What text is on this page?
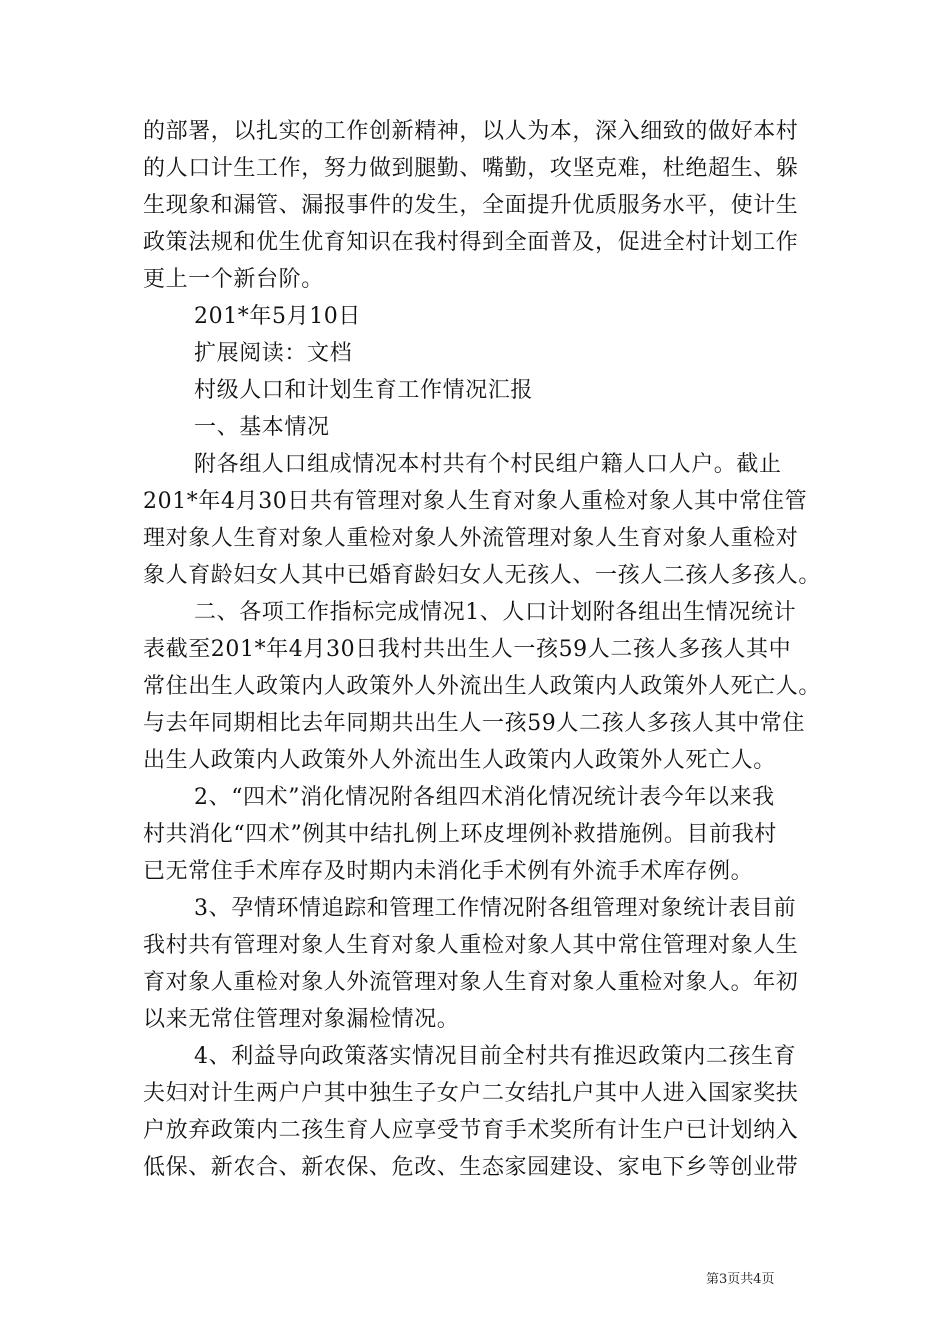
的部署，以扎实的工作创新精神，以人为本，深入细致的做好本村
的人口计生工作，努力做到腿勤、嘴勤，攻坚克难，杜绝超生、躲
生现象和漏管、漏报事件的发生，全面提升优质服务水平，使计生
政策法规和优生优育知识在我村得到全面普及，促进全村计划工作
更上一个新台阶。
201*年5月10日
扩展阅读：文档
村级人口和计划生育工作情况汇报
一、基本情况
附各组人口组成情况本村共有个村民组户籍人口人户。截止
201*年4月30日共有管理对象人生育对象人重检对象人其中常住管
理对象人生育对象人重检对象人外流管理对象人生育对象人重检对
象人育龄妇女人其中已婚育龄妇女人无孩人、一孩人二孩人多孩人。
二、各项工作指标完成情况1、人口计划附各组出生情况统计
表截至201*年4月30日我村共出生人一孩59人二孩人多孩人其中
常住出生人政策内人政策外人外流出生人政策内人政策外人死亡人。
与去年同期相比去年同期共出生人一孩59人二孩人多孩人其中常住
出生人政策内人政策外人外流出生人政策内人政策外人死亡人。
2、“四术”消化情况附各组四术消化情况统计表今年以来我
村共消化“四术”例其中结扎例上环皮埋例补救措施例。目前我村
已无常住手术库存及时期内未消化手术例有外流手术库存例。
3、孕情环情追踪和管理工作情况附各组管理对象统计表目前
我村共有管理对象人生育对象人重检对象人其中常住管理对象人生
育对象人重检对象人外流管理对象人生育对象人重检对象人。年初
以来无常住管理对象漏检情况。
4、利益导向政策落实情况目前全村共有推迟政策内二孩生育
夫妇对计生两户户其中独生子女户二女结扎户其中人进入国家奖扶
户放弃政策内二孩生育人应享受节育手术奖所有计生户已计划纳入
低保、新农合、新农保、危改、生态家园建设、家电下乡等创业带
第3页共4页
